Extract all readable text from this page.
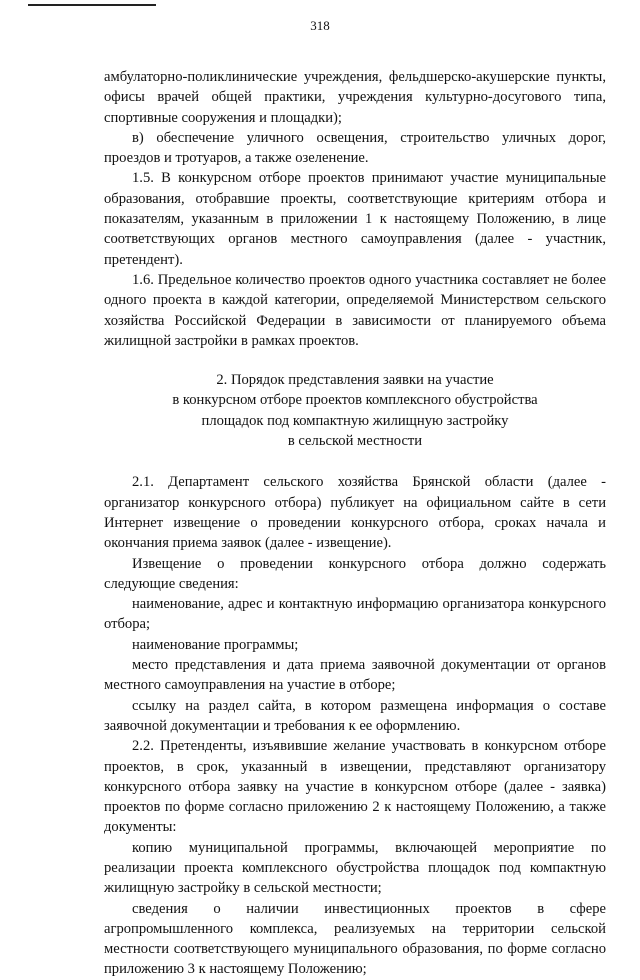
318

амбулаторно-поликлинические учреждения, фельдшерско-акушерские пункты, офисы врачей общей практики, учреждения культурно-досугового типа, спортивные сооружения и площадки);

в) обеспечение уличного освещения, строительство уличных дорог, проездов и тротуаров, а также озеленение.

1.5. В конкурсном отборе проектов принимают участие муниципальные образования, отобравшие проекты, соответствующие критериям отбора и показателям, указанным в приложении 1 к настоящему Положению, в лице соответствующих органов местного самоуправления (далее - участник, претендент).

1.6. Предельное количество проектов одного участника составляет не более одного проекта в каждой категории, определяемой Министерством сельского хозяйства Российской Федерации в зависимости от планируемого объема жилищной застройки в рамках проектов.

2. Порядок представления заявки на участие

в конкурсном отборе проектов комплексного обустройства

площадок под компактную жилищную застройку

в сельской местности

2.1. Департамент сельского хозяйства Брянской области (далее - организатор конкурсного отбора) публикует на официальном сайте в сети Интернет извещение о проведении конкурсного отбора, сроках начала и окончания приема заявок (далее - извещение).

Извещение о проведении конкурсного отбора должно содержать следующие сведения:

наименование, адрес и контактную информацию организатора конкурсного отбора;

наименование программы;

место представления и дата приема заявочной документации от органов местного самоуправления на участие в отборе;

ссылку на раздел сайта, в котором размещена информация о составе заявочной документации и требования к ее оформлению.

2.2. Претенденты, изъявившие желание участвовать в конкурсном отборе проектов, в срок, указанный в извещении, представляют организатору конкурсного отбора заявку на участие в конкурсном отборе (далее - заявка) проектов по форме согласно приложению 2 к настоящему Положению, а также документы:

копию муниципальной программы, включающей мероприятие по реализации проекта комплексного обустройства площадок под компактную жилищную застройку в сельской местности;

сведения о наличии инвестиционных проектов в сфере агропромышленного комплекса, реализуемых на территории сельской местности соответствующего муниципального образования, по форме согласно приложению 3 к настоящему Положению;
